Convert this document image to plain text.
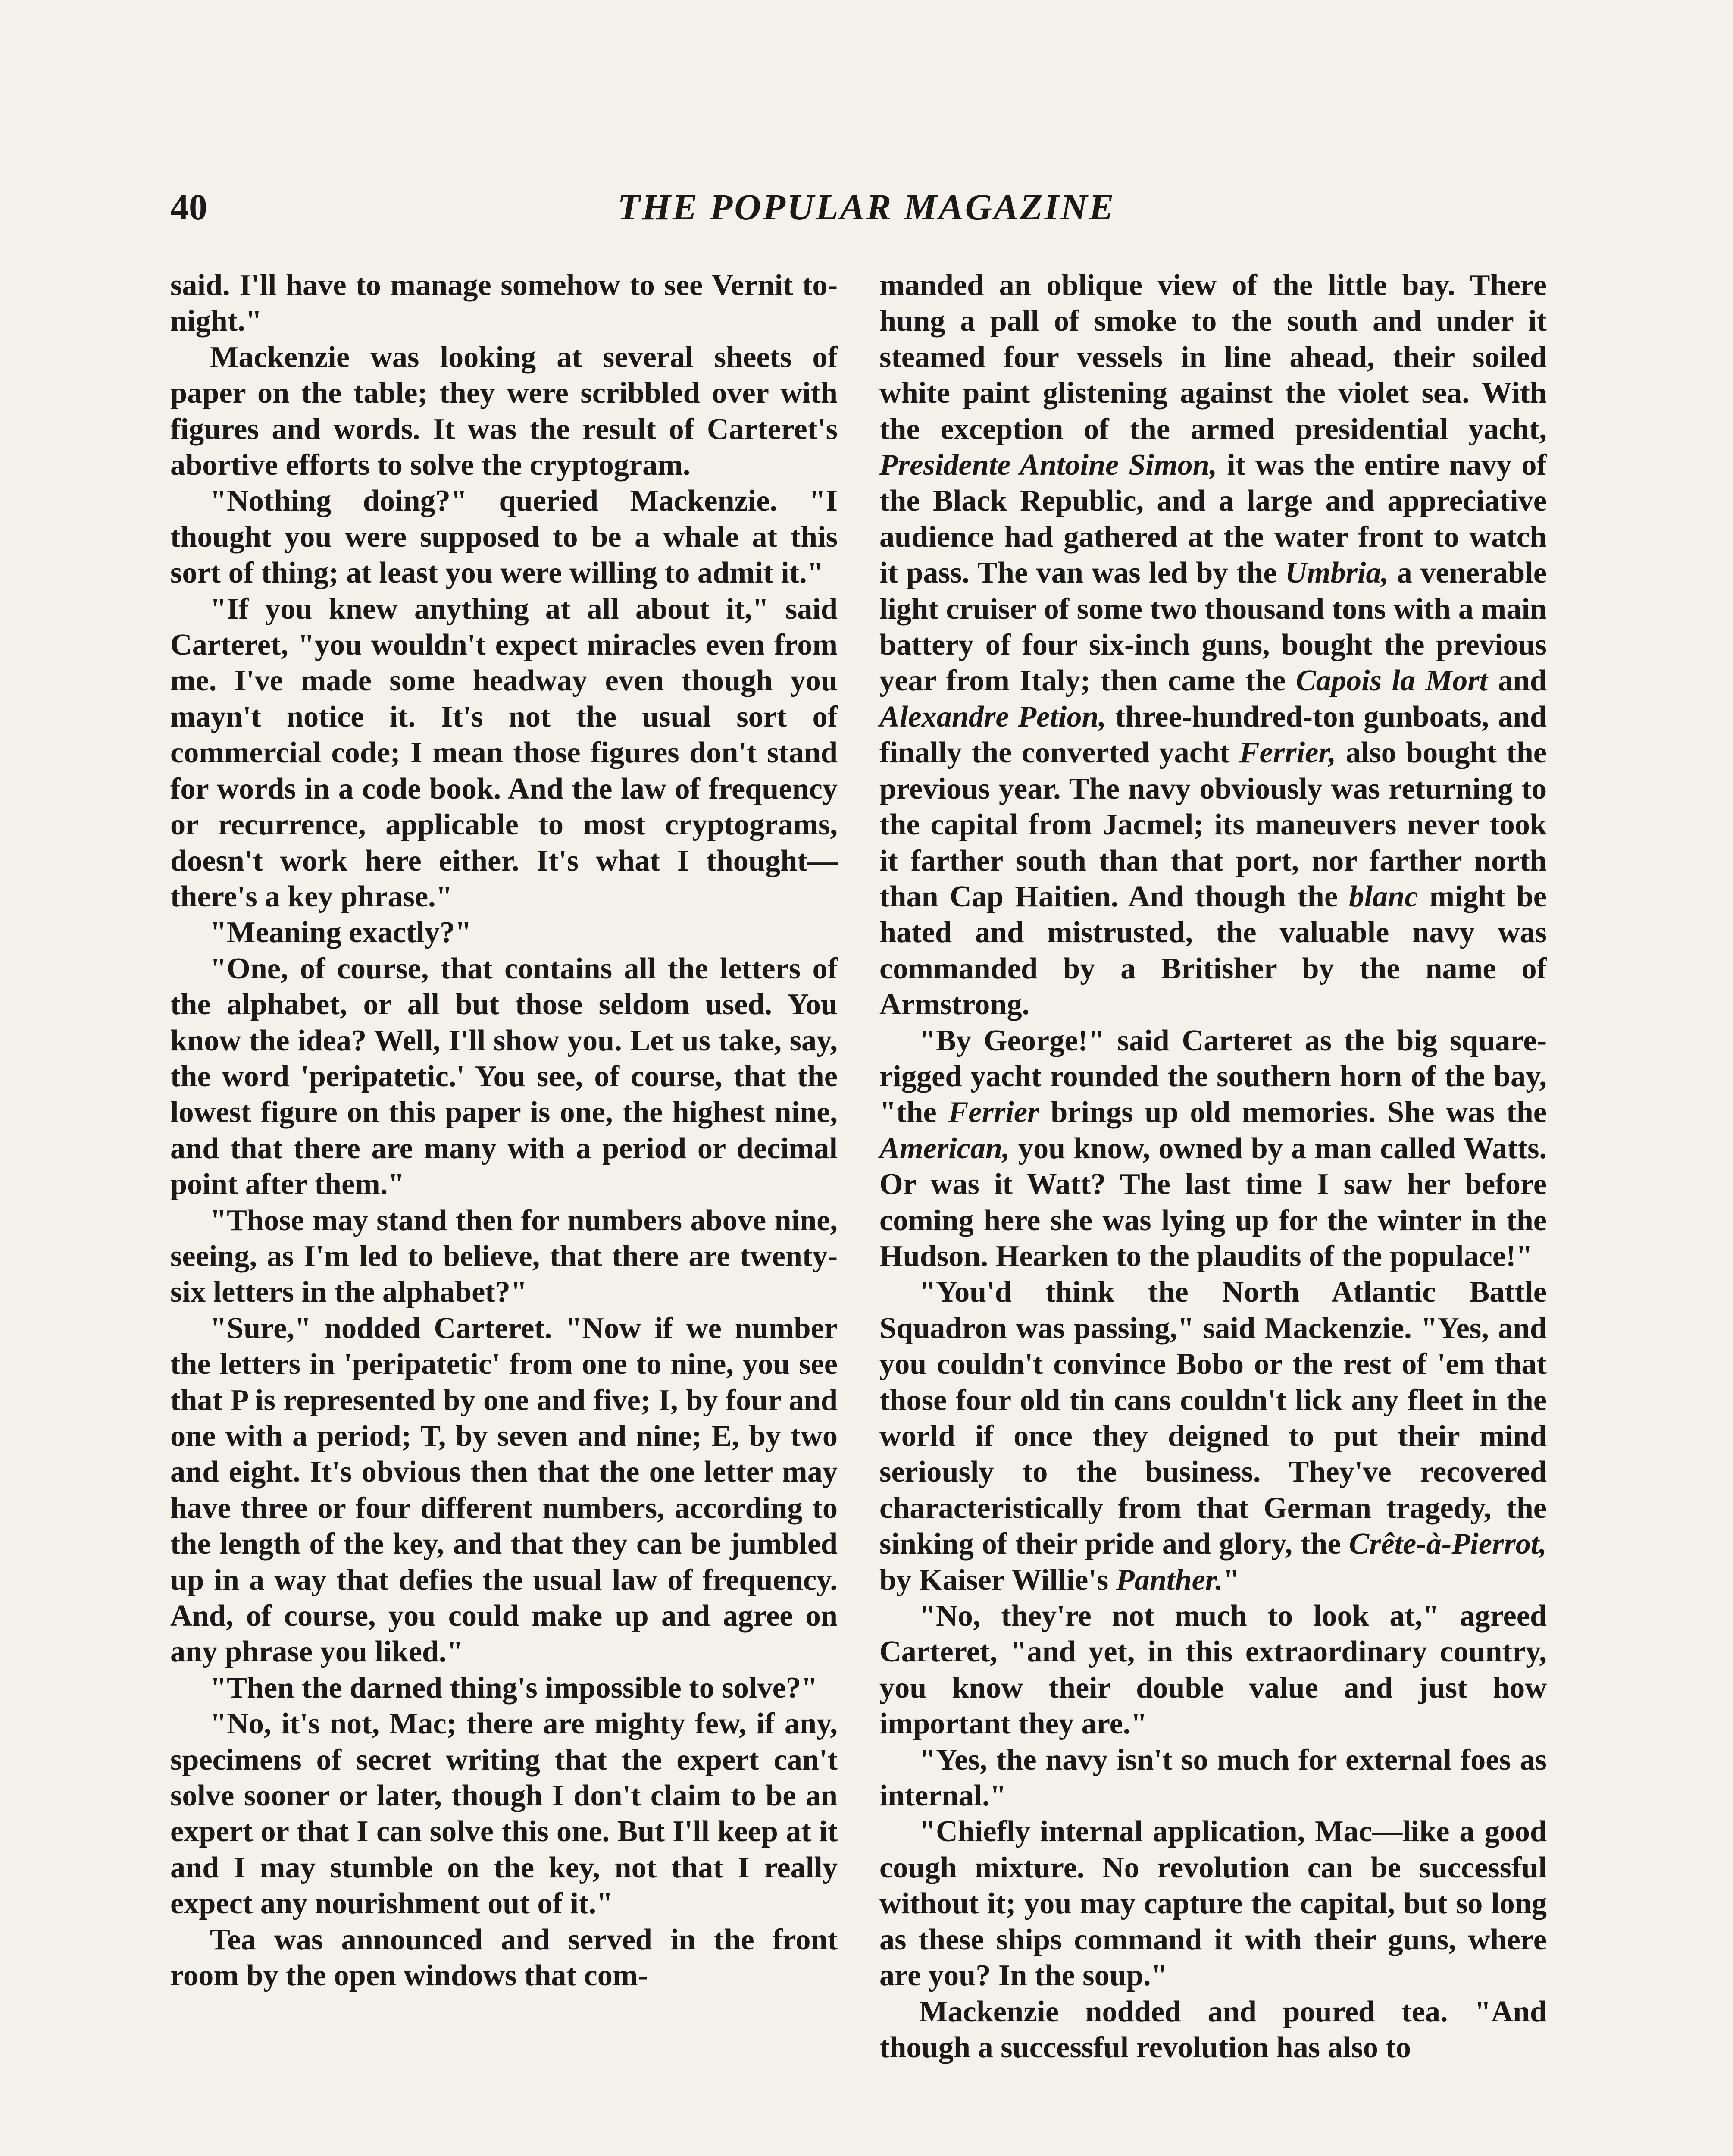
40	THE POPULAR MAGAZINE

said. I'll have to manage somehow to see Vernit to-night."

Mackenzie was looking at several sheets of paper on the table; they were scribbled over with figures and words. It was the result of Carteret's abortive efforts to solve the cryptogram.

"Nothing doing?" queried Mackenzie. "I thought you were supposed to be a whale at this sort of thing; at least you were willing to admit it."

"If you knew anything at all about it," said Carteret, "you wouldn't expect miracles even from me. I've made some headway even though you mayn't notice it. It's not the usual sort of commercial code; I mean those figures don't stand for words in a code book. And the law of frequency or recurrence, applicable to most cryptograms, doesn't work here either. It's what I thought—there's a key phrase."

"Meaning exactly?"

"One, of course, that contains all the letters of the alphabet, or all but those seldom used. You know the idea? Well, I'll show you. Let us take, say, the word 'peripatetic.' You see, of course, that the lowest figure on this paper is one, the highest nine, and that there are many with a period or decimal point after them."

"Those may stand then for numbers above nine, seeing, as I'm led to believe, that there are twenty-six letters in the alphabet?"

"Sure," nodded Carteret. "Now if we number the letters in 'peripatetic' from one to nine, you see that P is represented by one and five; I, by four and one with a period; T, by seven and nine; E, by two and eight. It's obvious then that the one letter may have three or four different numbers, according to the length of the key, and that they can be jumbled up in a way that defies the usual law of frequency. And, of course, you could make up and agree on any phrase you liked."

"Then the darned thing's impossible to solve?"

"No, it's not, Mac; there are mighty few, if any, specimens of secret writing that the expert can't solve sooner or later, though I don't claim to be an expert or that I can solve this one. But I'll keep at it and I may stumble on the key, not that I really expect any nourishment out of it."

Tea was announced and served in the front room by the open windows that com-

manded an oblique view of the little bay. There hung a pall of smoke to the south and under it steamed four vessels in line ahead, their soiled white paint glistening against the violet sea. With the exception of the armed presidential yacht, Presidente Antoine Simon, it was the entire navy of the Black Republic, and a large and appreciative audience had gathered at the water front to watch it pass. The van was led by the Umbria, a venerable light cruiser of some two thousand tons with a main battery of four six-inch guns, bought the previous year from Italy; then came the Capois la Mort and Alexandre Petion, three-hundred-ton gunboats, and finally the converted yacht Ferrier, also bought the previous year. The navy obviously was returning to the capital from Jacmel; its maneuvers never took it farther south than that port, nor farther north than Cap Haitien. And though the blanc might be hated and mistrusted, the valuable navy was commanded by a Britisher by the name of Armstrong.

"By George!" said Carteret as the big square-rigged yacht rounded the southern horn of the bay, "the Ferrier brings up old memories. She was the American, you know, owned by a man called Watts. Or was it Watt? The last time I saw her before coming here she was lying up for the winter in the Hudson. Hearken to the plaudits of the populace!"

"You'd think the North Atlantic Battle Squadron was passing," said Mackenzie. "Yes, and you couldn't convince Bobo or the rest of 'em that those four old tin cans couldn't lick any fleet in the world if once they deigned to put their mind seriously to the business. They've recovered characteristically from that German tragedy, the sinking of their pride and glory, the Crête-à-Pierrot, by Kaiser Willie's Panther."

"No, they're not much to look at," agreed Carteret, "and yet, in this extraordinary country, you know their double value and just how important they are."

"Yes, the navy isn't so much for external foes as internal."

"Chiefly internal application, Mac—like a good cough mixture. No revolution can be successful without it; you may capture the capital, but so long as these ships command it with their guns, where are you? In the soup."

Mackenzie nodded and poured tea. "And though a successful revolution has also to
